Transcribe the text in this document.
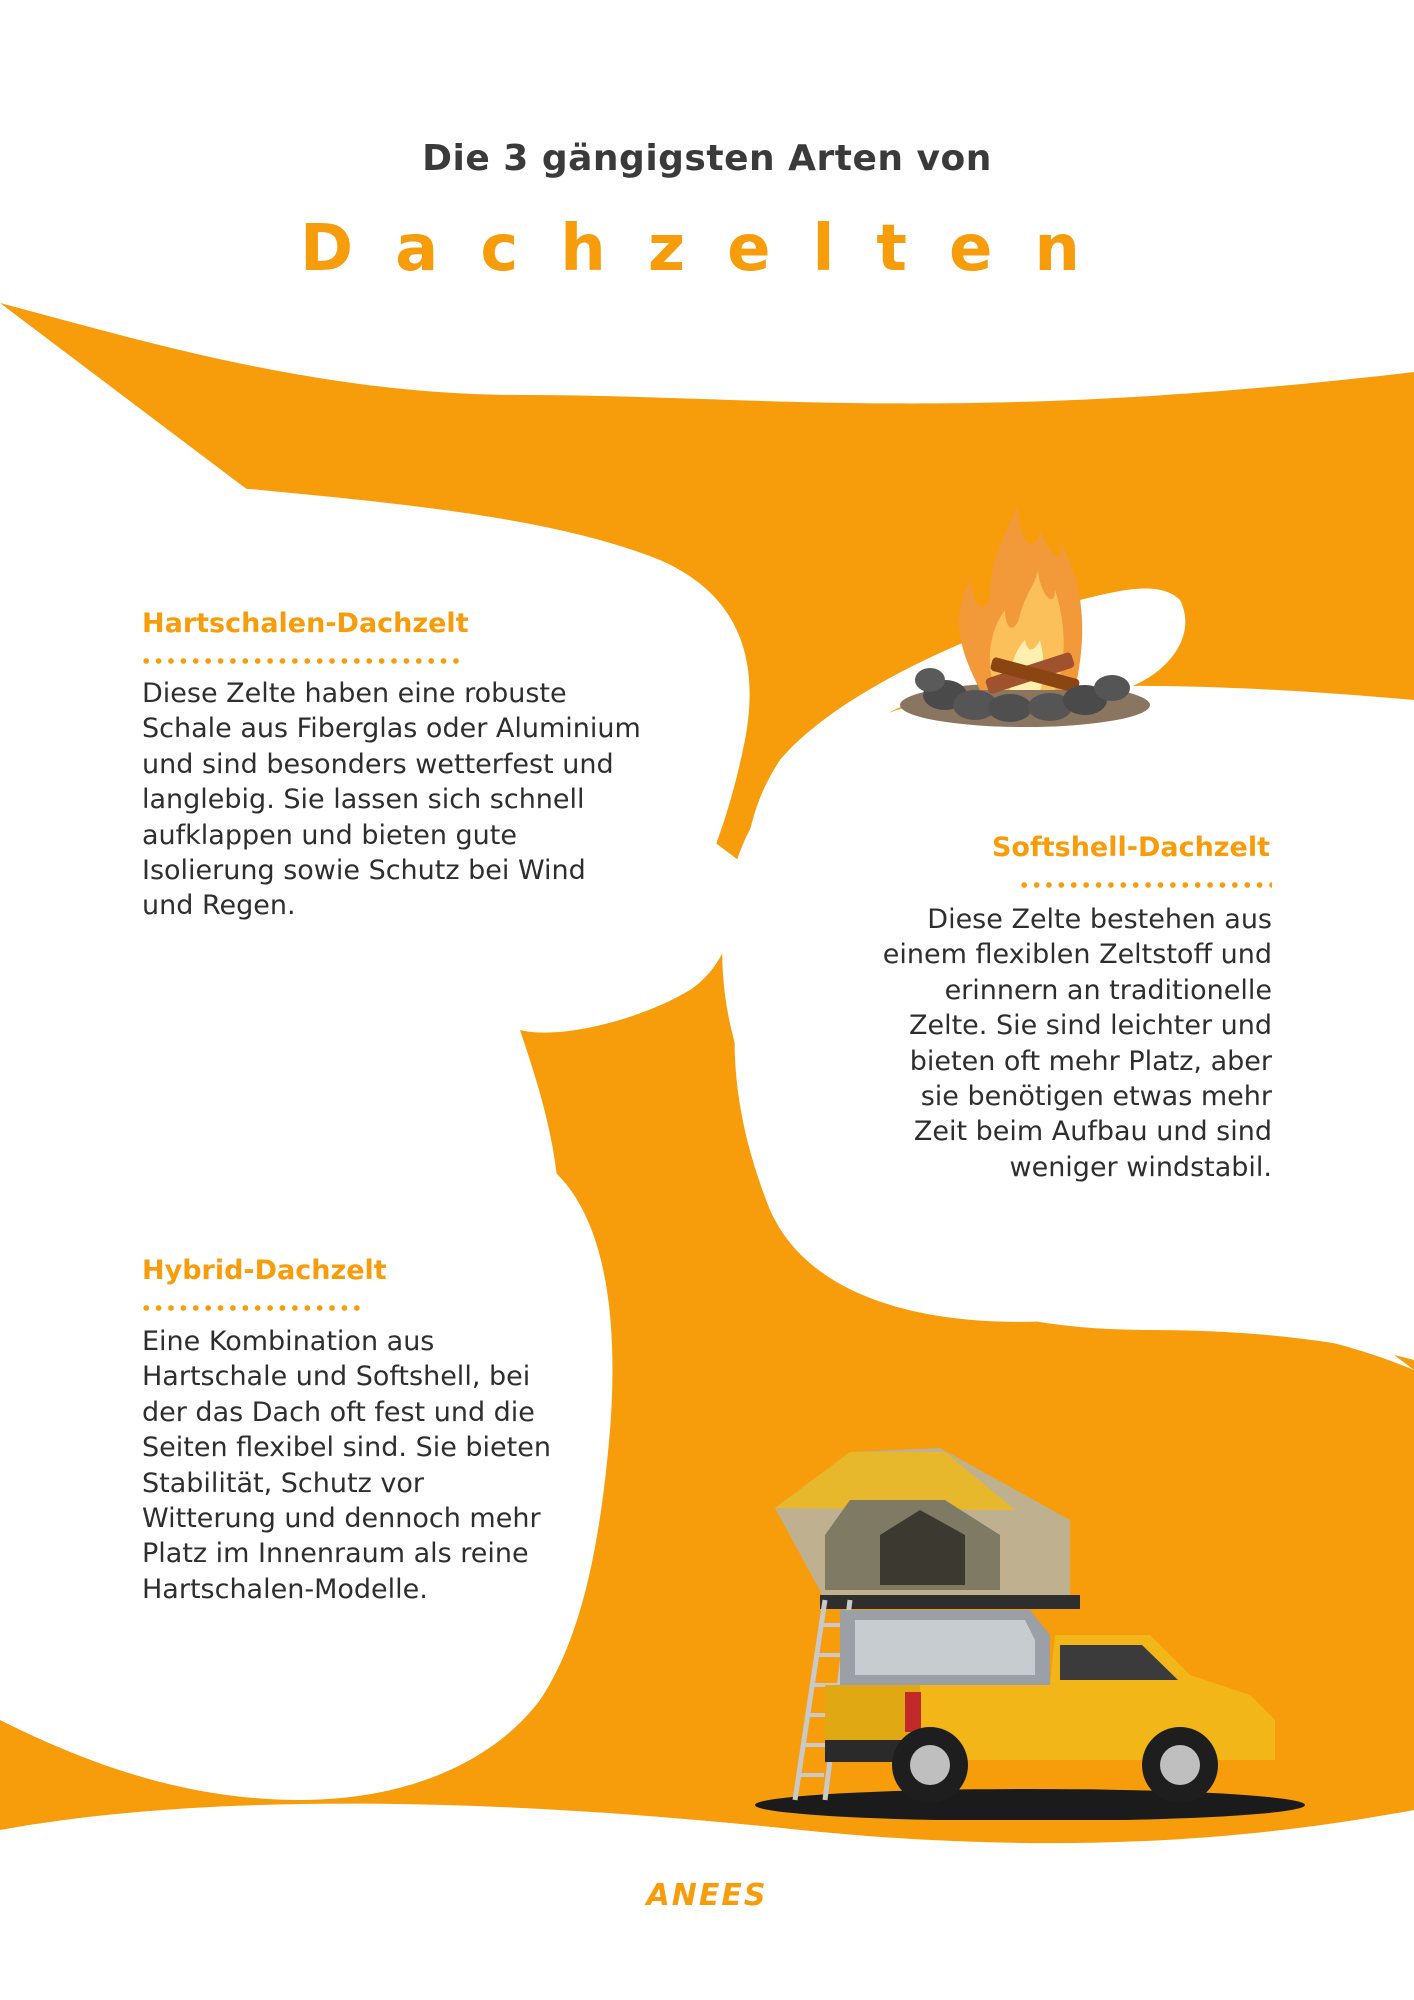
Die 3 gängigsten Arten von
Dachzelten
Hartschalen-Dachzelt
Diese Zelte haben eine robuste
Schale aus Fiberglas oder Aluminium
und sind besonders wetterfest und
langlebig. Sie lassen sich schnell
aufklappen und bieten gute
Isolierung sowie Schutz bei Wind
und Regen.
Softshell-Dachzelt
Diese Zelte bestehen aus
einem flexiblen Zeltstoff und
erinnern an traditionelle
Zelte. Sie sind leichter und
bieten oft mehr Platz, aber
sie benötigen etwas mehr
Zeit beim Aufbau und sind
weniger windstabil.
Hybrid-Dachzelt
Eine Kombination aus
Hartschale und Softshell, bei
der das Dach oft fest und die
Seiten flexibel sind. Sie bieten
Stabilität, Schutz vor
Witterung und dennoch mehr
Platz im Innenraum als reine
Hartschalen-Modelle.
ANEES
